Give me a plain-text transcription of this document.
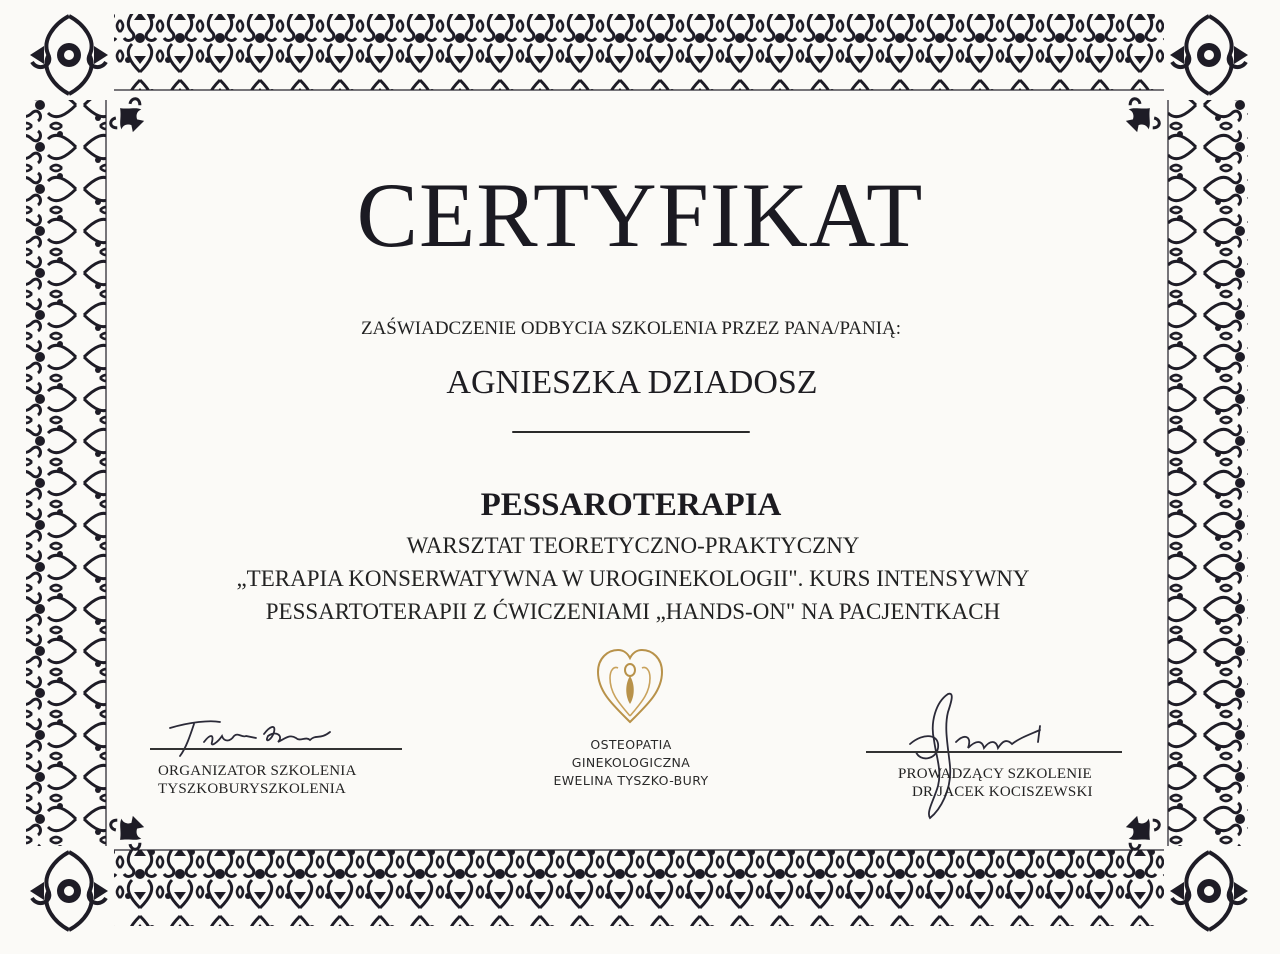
CERTYFIKAT
ZAŚWIADCZENIE ODBYCIA SZKOLENIA PRZEZ PANA/PANIĄ:
AGNIESZKA DZIADOSZ
PESSAROTERAPIA
WARSZTAT TEORETYCZNO-PRAKTYCZNY
„TERAPIA KONSERWATYWNA W UROGINEKOLOGII". KURS INTENSYWNY
PESSARTOTERAPII Z ĆWICZENIAMI „HANDS-ON" NA PACJENTKACH
OSTEOPATIA
GINEKOLOGICZNA
EWELINA TYSZKO-BURY
ORGANIZATOR SZKOLENIA
TYSZKOBURYSZKOLENIA
PROWADZĄCY SZKOLENIE
DR JACEK KOCISZEWSKI
